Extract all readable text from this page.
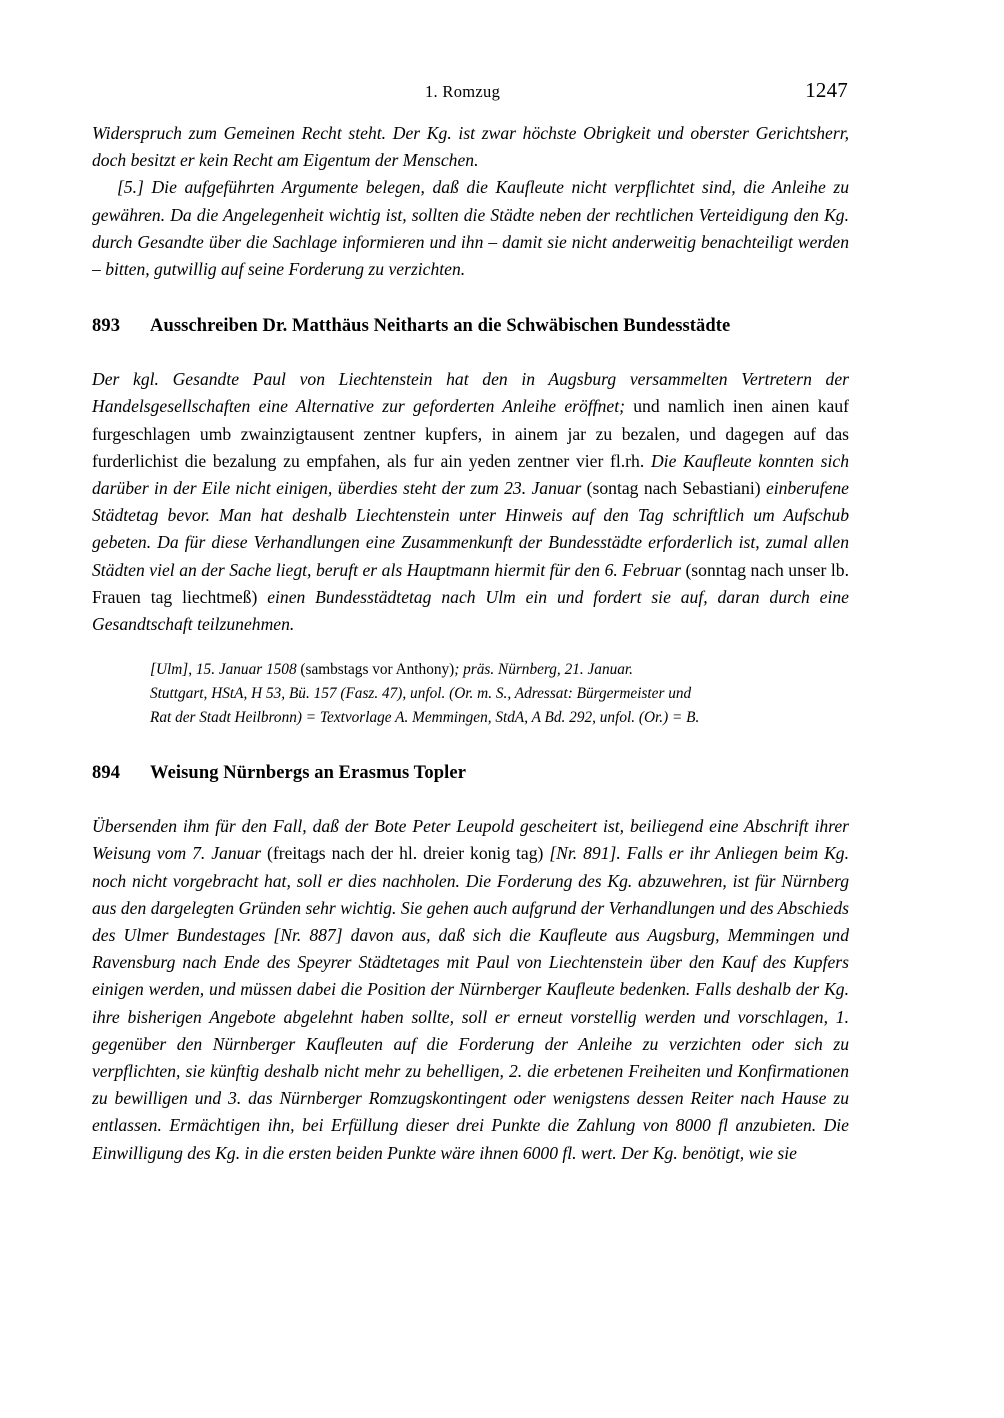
1. Romzug	1247

Widerspruch zum Gemeinen Recht steht. Der Kg. ist zwar höchste Obrigkeit und oberster Gerichtsherr, doch besitzt er kein Recht am Eigentum der Menschen.

[5.] Die aufgeführten Argumente belegen, daß die Kaufleute nicht verpflichtet sind, die Anleihe zu gewähren. Da die Angelegenheit wichtig ist, sollten die Städte neben der rechtlichen Verteidigung den Kg. durch Gesandte über die Sachlage informieren und ihn – damit sie nicht anderweitig benachteiligt werden – bitten, gutwillig auf seine Forderung zu verzichten.

893	Ausschreiben Dr. Matthäus Neitharts an die Schwäbischen Bundesstädte

Der kgl. Gesandte Paul von Liechtenstein hat den in Augsburg versammelten Vertretern der Handelsgesellschaften eine Alternative zur geforderten Anleihe eröffnet; und namlich inen ainen kauf furgeschlagen umb zwainzigtausent zentner kupfers, in ainem jar zu bezalen, und dagegen auf das furderlichist die bezalung zu empfahen, als fur ain yeden zentner vier fl.rh. Die Kaufleute konnten sich darüber in der Eile nicht einigen, überdies steht der zum 23. Januar (sontag nach Sebastiani) einberufene Städtetag bevor. Man hat deshalb Liechtenstein unter Hinweis auf den Tag schriftlich um Aufschub gebeten. Da für diese Verhandlungen eine Zusammenkunft der Bundesstädte erforderlich ist, zumal allen Städten viel an der Sache liegt, beruft er als Hauptmann hiermit für den 6. Februar (sonntag nach unser lb. Frauen tag liechtmeß) einen Bundesstädtetag nach Ulm ein und fordert sie auf, daran durch eine Gesandtschaft teilzunehmen.

[Ulm], 15. Januar 1508 (sambstags vor Anthony); präs. Nürnberg, 21. Januar.
Stuttgart, HStA, H 53, Bü. 157 (Fasz. 47), unfol. (Or. m. S., Adressat: Bürgermeister und
Rat der Stadt Heilbronn) = Textvorlage A. Memmingen, StdA, A Bd. 292, unfol. (Or.) = B.
894	Weisung Nürnbergs an Erasmus Topler

Übersenden ihm für den Fall, daß der Bote Peter Leupold gescheitert ist, beiliegend eine Abschrift ihrer Weisung vom 7. Januar (freitags nach der hl. dreier konig tag) [Nr. 891]. Falls er ihr Anliegen beim Kg. noch nicht vorgebracht hat, soll er dies nachholen. Die Forderung des Kg. abzuwehren, ist für Nürnberg aus den dargelegten Gründen sehr wichtig. Sie gehen auch aufgrund der Verhandlungen und des Abschieds des Ulmer Bundestages [Nr. 887] davon aus, daß sich die Kaufleute aus Augsburg, Memmingen und Ravensburg nach Ende des Speyrer Städtetages mit Paul von Liechtenstein über den Kauf des Kupfers einigen werden, und müssen dabei die Position der Nürnberger Kaufleute bedenken. Falls deshalb der Kg. ihre bisherigen Angebote abgelehnt haben sollte, soll er erneut vorstellig werden und vorschlagen, 1. gegenüber den Nürnberger Kaufleuten auf die Forderung der Anleihe zu verzichten oder sich zu verpflichten, sie künftig deshalb nicht mehr zu behelligen, 2. die erbetenen Freiheiten und Konfirmationen zu bewilligen und 3. das Nürnberger Romzugskontingent oder wenigstens dessen Reiter nach Hause zu entlassen. Ermächtigen ihn, bei Erfüllung dieser drei Punkte die Zahlung von 8000 fl anzubieten. Die Einwilligung des Kg. in die ersten beiden Punkte wäre ihnen 6000 fl. wert. Der Kg. benötigt, wie sie
